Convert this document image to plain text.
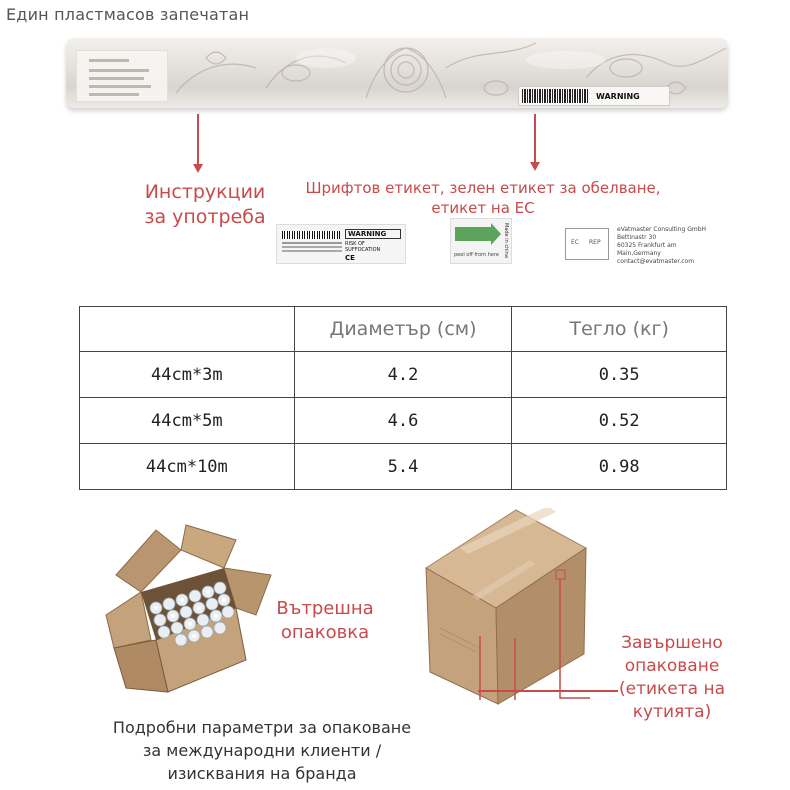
Един пластмасов запечатан
WARNING
Инструкции за употреба
Шрифтов етикет, зелен етикет за обелване, етикет на ЕС
WARNING
RISK OF SUFFOCATION
CE	peel off from here Made in china	EC REP
eVatmaster Consulting GmbH
Bettinastr 30
60325 Frankfurt am Main,Germany
contact@evatmaster.com
	Диаметър (см)	Тегло (кг)
44cm*3m	4.2	0.35
44cm*5m	4.6	0.52
44cm*10m	5.4	0.98
Вътрешна опаковка	Завършено опаковане (етикета на кутията)
Подробни параметри за опаковане за международни клиенти / изисквания на бранда
